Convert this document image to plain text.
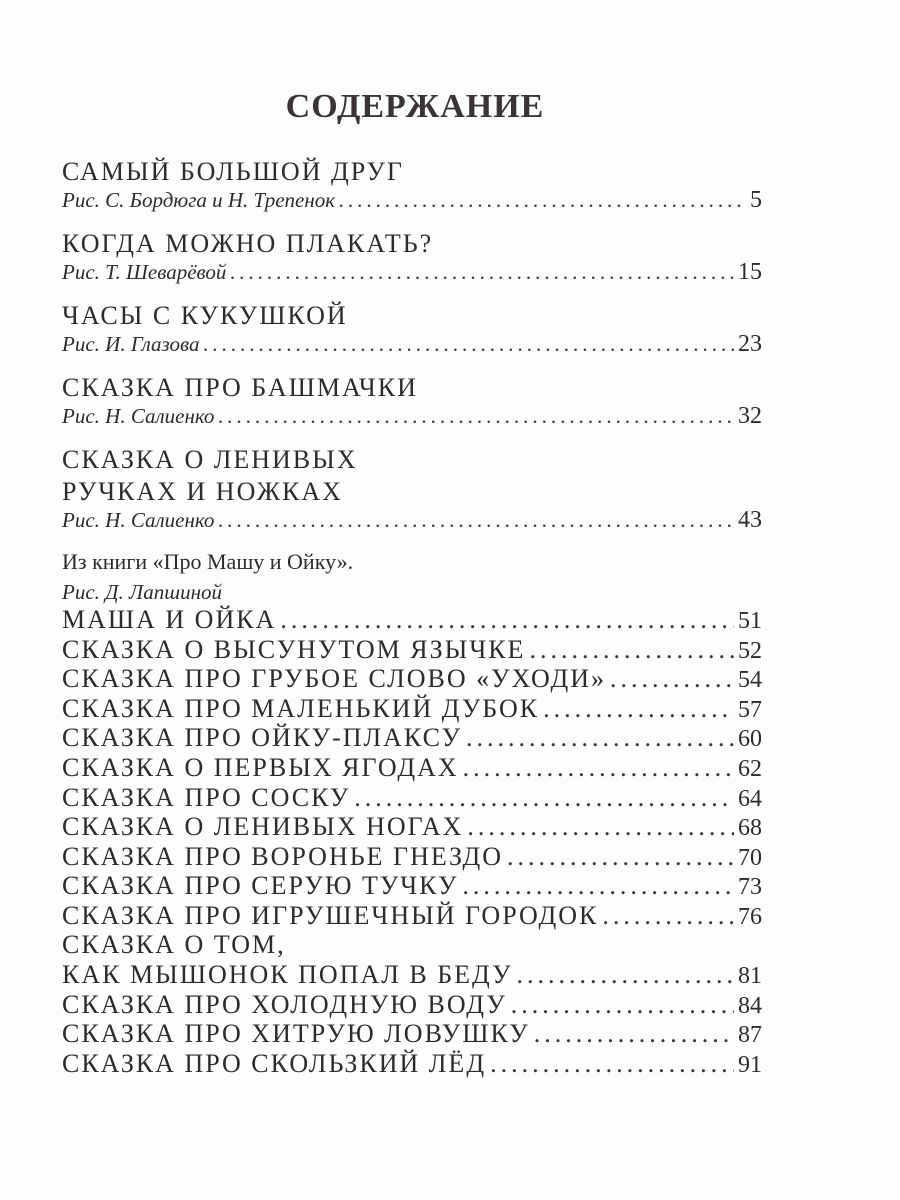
СОДЕРЖАНИЕ
САМЫЙ БОЛЬШОЙ ДРУГ
Рис. С. Бордюга и Н. Трепенок .....	5
КОГДА МОЖНО ПЛАКАТЬ?
Рис. Т. Шеварёвой .....	15
ЧАСЫ С КУКУШКОЙ
Рис. И. Глазова .....	23
СКАЗКА ПРО БАШМАЧКИ
Рис. Н. Салиенко .....	32
СКАЗКА О ЛЕНИВЫХ
РУЧКАХ И НОЖКАХ
Рис. Н. Салиенко .....	43
Из книги «Про Машу и Ойку».
Рис. Д. Лапшиной
МАША И ОЙКА .....	51
СКАЗКА О ВЫСУНУТОМ ЯЗЫЧКЕ .....	52
СКАЗКА ПРО ГРУБОЕ СЛОВО «УХОДИ» .....	54
СКАЗКА ПРО МАЛЕНЬКИЙ ДУБОК .....	57
СКАЗКА ПРО ОЙКУ-ПЛАКСУ .....	60
СКАЗКА О ПЕРВЫХ ЯГОДАХ .....	62
СКАЗКА ПРО СОСКУ .....	64
СКАЗКА О ЛЕНИВЫХ НОГАХ .....	68
СКАЗКА ПРО ВОРОНЬЕ ГНЕЗДО .....	70
СКАЗКА ПРО СЕРУЮ ТУЧКУ .....	73
СКАЗКА ПРО ИГРУШЕЧНЫЙ ГОРОДОК .....	76
СКАЗКА О ТОМ,
КАК МЫШОНОК ПОПАЛ В БЕДУ .....	81
СКАЗКА ПРО ХОЛОДНУЮ ВОДУ .....	84
СКАЗКА ПРО ХИТРУЮ ЛОВУШКУ .....	87
СКАЗКА ПРО СКОЛЬЗКИЙ ЛЁД .....	91
